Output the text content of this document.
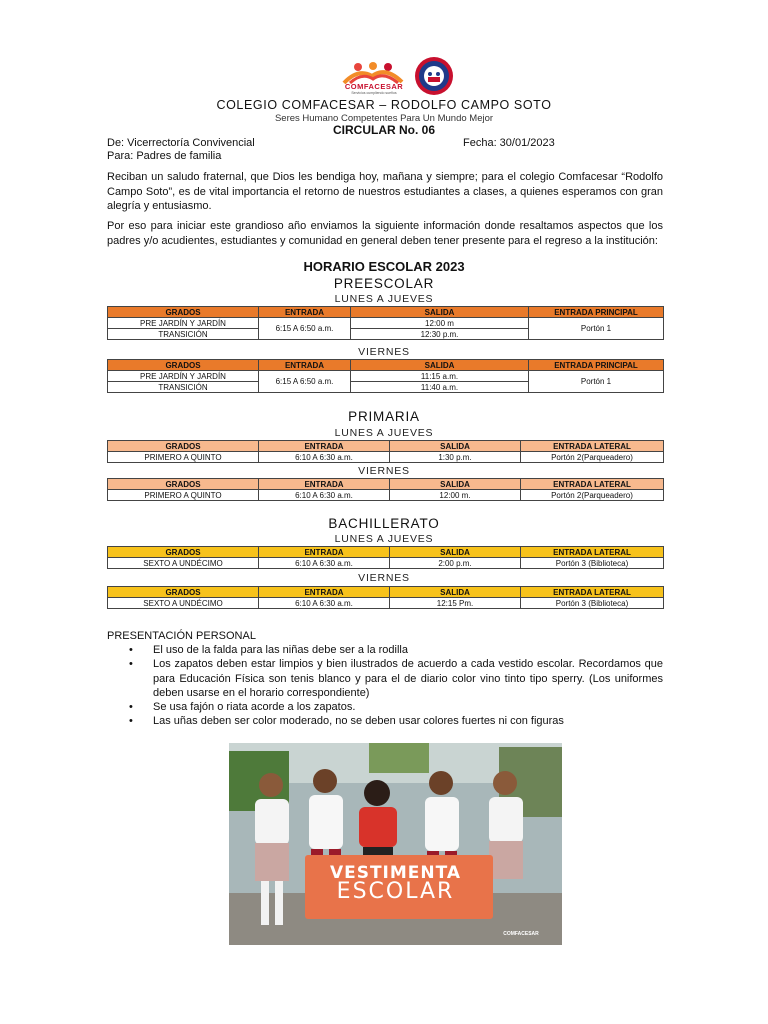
COMFACESAR
Servicios cumpliendo sueños
COLEGIO COMFACESAR – RODOLFO CAMPO SOTO
Seres Humano Competentes Para Un Mundo Mejor
CIRCULAR No. 06
De: Vicerrectoría Convivencial	Fecha: 30/01/2023
Para: Padres de familia
Reciban un saludo fraternal, que Dios les bendiga hoy, mañana y siempre; para el colegio Comfacesar “Rodolfo Campo Soto”, es de vital importancia el retorno de nuestros estudiantes a clases, a quienes esperamos con gran alegría y entusiasmo.
Por eso para iniciar este grandioso año enviamos la siguiente información donde resaltamos aspectos que los padres y/o acudientes, estudiantes y comunidad en general deben tener presente para el regreso a la institución:
HORARIO ESCOLAR 2023
PREESCOLAR
LUNES A JUEVES
GRADOS	ENTRADA	SALIDA	ENTRADA PRINCIPAL
PRE JARDÍN Y JARDÍN	6:15 A 6:50 a.m.	12:00 m	Portón 1
TRANSICIÓN		12:30 p.m.	
VIERNES
GRADOS	ENTRADA	SALIDA	ENTRADA PRINCIPAL
PRE JARDÍN Y JARDÍN	6:15 A 6:50 a.m.	11:15 a.m.	Portón 1
TRANSICIÓN		11:40 a.m.	
PRIMARIA
LUNES A JUEVES
GRADOS	ENTRADA	SALIDA	ENTRADA LATERAL
PRIMERO A QUINTO	6:10 A 6:30 a.m.	1:30 p.m.	Portón 2(Parqueadero)
VIERNES
GRADOS	ENTRADA	SALIDA	ENTRADA LATERAL
PRIMERO A QUINTO	6:10 A 6:30 a.m.	12:00 m.	Portón 2(Parqueadero)
BACHILLERATO
LUNES A JUEVES
GRADOS	ENTRADA	SALIDA	ENTRADA LATERAL
SEXTO A UNDÉCIMO	6:10 A 6:30 a.m.	2:00 p.m.	Portón 3 (Biblioteca)
VIERNES
GRADOS	ENTRADA	SALIDA	ENTRADA LATERAL
SEXTO A UNDÉCIMO	6:10 A 6:30 a.m.	12:15 Pm.	Portón 3 (Biblioteca)
PRESENTACIÓN PERSONAL
• El uso de la falda para las niñas debe ser a la rodilla
• Los zapatos deben estar limpios y bien ilustrados de acuerdo a cada vestido escolar. Recordamos que para Educación Física son tenis blanco y para el de diario color vino tinto tipo sperry. (Los uniformes deben usarse en el horario correspondiente)
• Se usa fajón o riata acorde a los zapatos.
• Las uñas deben ser color moderado, no se deben usar colores fuertes ni con figuras
VESTIMENTA
ESCOLAR
COMFACESAR
